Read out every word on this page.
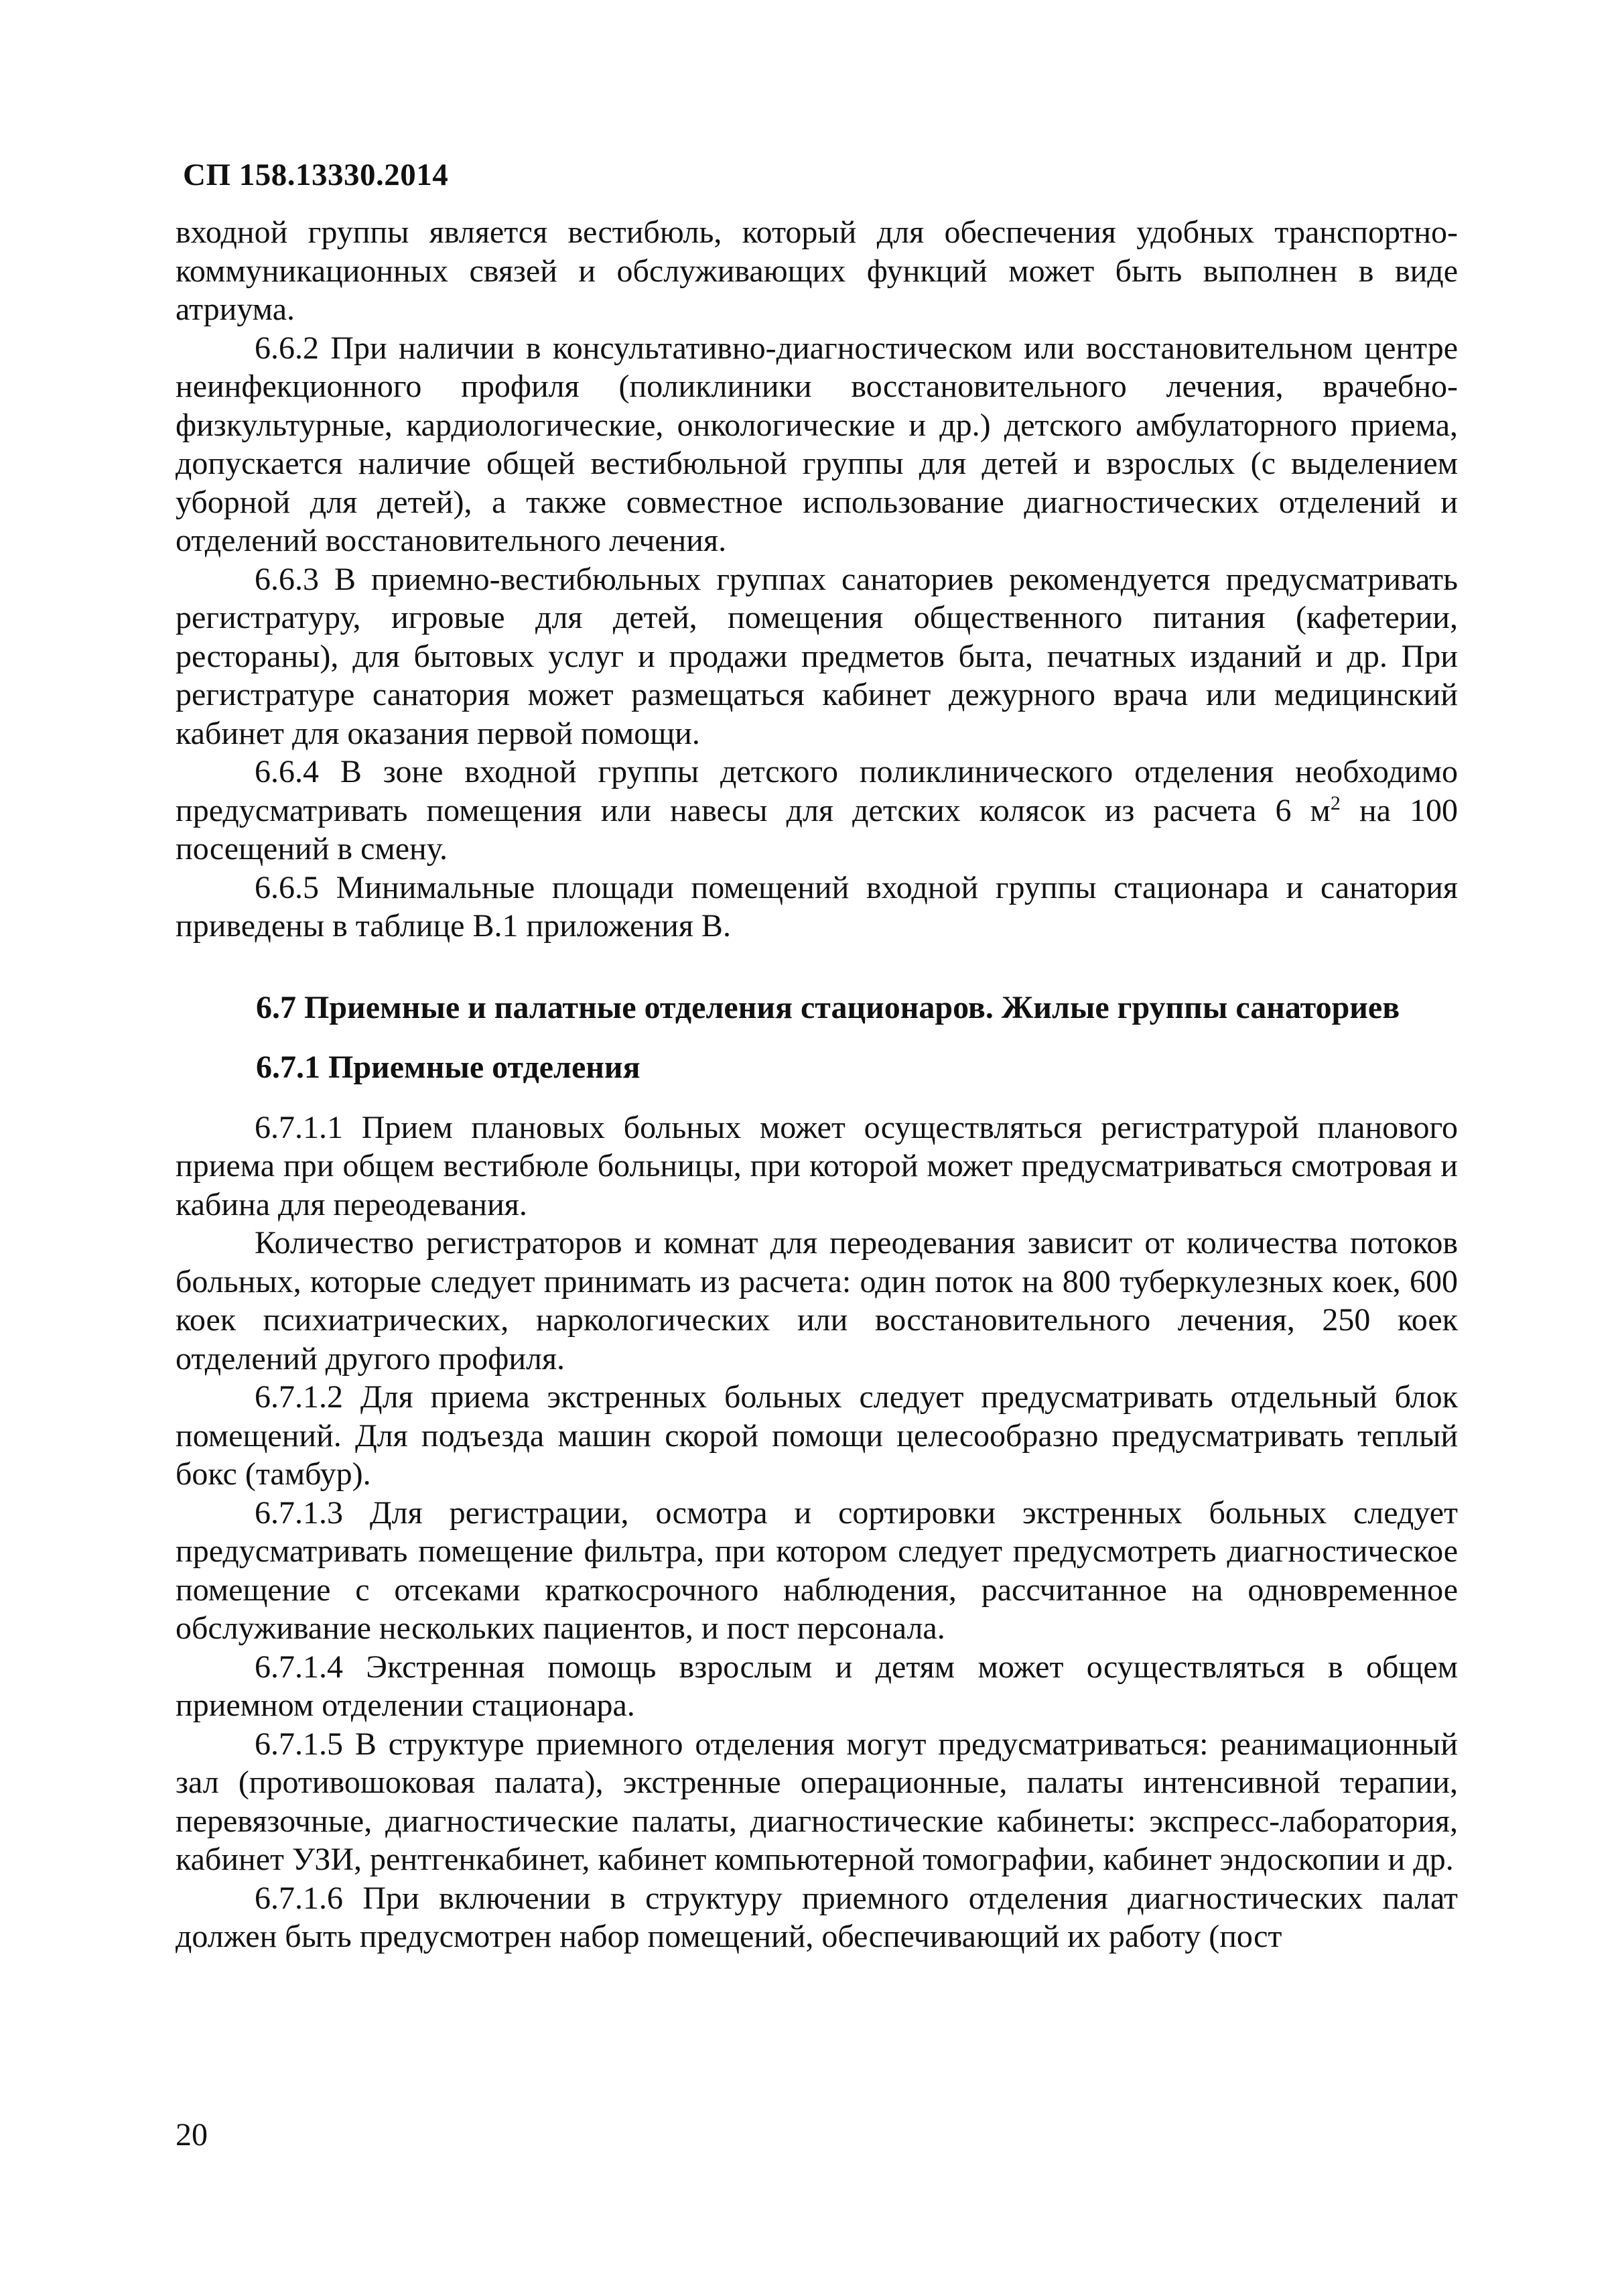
СП 158.13330.2014

входной группы является вестибюль, который для обеспечения удобных транспортно-коммуникационных связей и обслуживающих функций может быть выполнен в виде атриума.

6.6.2 При наличии в консультативно-диагностическом или восстановительном центре неинфекционного профиля (поликлиники восстановительного лечения, врачебно-физкультурные, кардиологические, онкологические и др.) детского амбулаторного приема, допускается наличие общей вестибюльной группы для детей и взрослых (с выделением уборной для детей), а также совместное использование диагностических отделений и отделений восстановительного лечения.

6.6.3 В приемно-вестибюльных группах санаториев рекомендуется предусматривать регистратуру, игровые для детей, помещения общественного питания (кафетерии, рестораны), для бытовых услуг и продажи предметов быта, печатных изданий и др. При регистратуре санатория может размещаться кабинет дежурного врача или медицинский кабинет для оказания первой помощи.

6.6.4 В зоне входной группы детского поликлинического отделения необходимо предусматривать помещения или навесы для детских колясок из расчета 6 $м^2$ на 100 посещений в смену.

6.6.5 Минимальные площади помещений входной группы стационара и санатория приведены в таблице В.1 приложения В.

6.7 Приемные и палатные отделения стационаров. Жилые группы санаториев
6.7.1 Приемные отделения

6.7.1.1 Прием плановых больных может осуществляться регистратурой планового приема при общем вестибюле больницы, при которой может предусматриваться смотровая и кабина для переодевания.

Количество регистраторов и комнат для переодевания зависит от количества потоков больных, которые следует принимать из расчета: один поток на 800 туберкулезных коек, 600 коек психиатрических, наркологических или восстановительного лечения, 250 коек отделений другого профиля.

6.7.1.2 Для приема экстренных больных следует предусматривать отдельный блок помещений. Для подъезда машин скорой помощи целесообразно предусматривать теплый бокс (тамбур).

6.7.1.3 Для регистрации, осмотра и сортировки экстренных больных следует предусматривать помещение фильтра, при котором следует предусмотреть диагностическое помещение с отсеками краткосрочного наблюдения, рассчитанное на одновременное обслуживание нескольких пациентов, и пост персонала.

6.7.1.4 Экстренная помощь взрослым и детям может осуществляться в общем приемном отделении стационара.

6.7.1.5 В структуре приемного отделения могут предусматриваться: реанимационный зал (противошоковая палата), экстренные операционные, палаты интенсивной терапии, перевязочные, диагностические палаты, диагностические кабинеты: экспресс-лаборатория, кабинет УЗИ, рентгенкабинет, кабинет компьютерной томографии, кабинет эндоскопии и др.

6.7.1.6 При включении в структуру приемного отделения диагностических палат должен быть предусмотрен набор помещений, обеспечивающий их работу (пост

20
